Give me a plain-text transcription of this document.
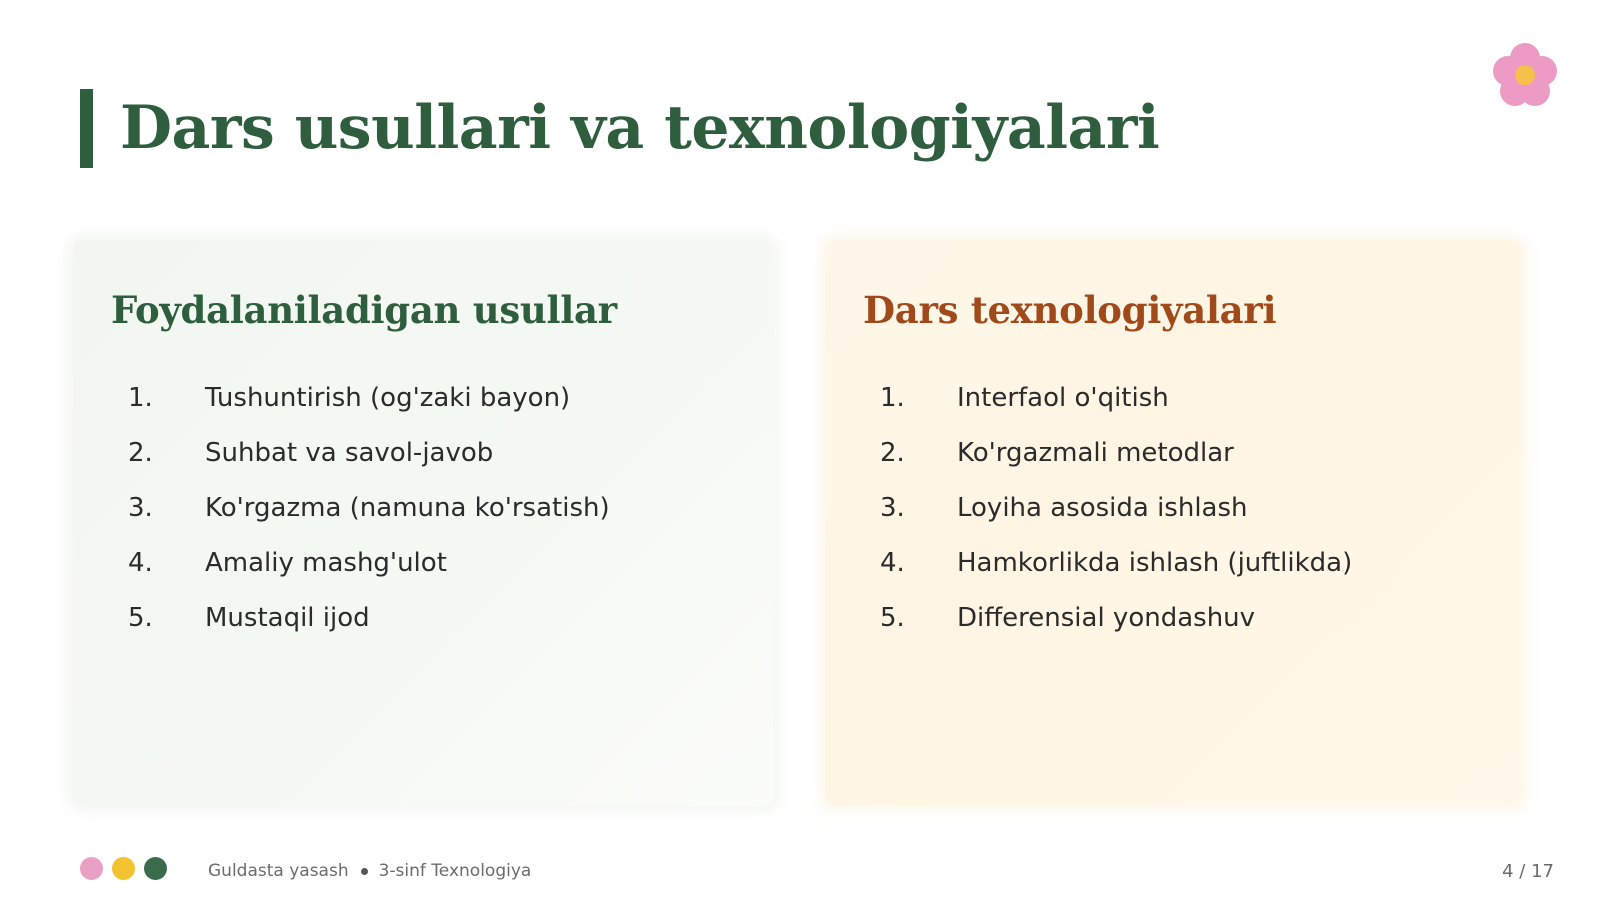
Dars usullari va texnologiyalari
Foydalaniladigan usullar
1.	Tushuntirish (og'zaki bayon)
2.	Suhbat va savol-javob
3.	Ko'rgazma (namuna ko'rsatish)
4.	Amaliy mashg'ulot
5.	Mustaqil ijod
Dars texnologiyalari
1.	Interfaol o'qitish
2.	Ko'rgazmali metodlar
3.	Loyiha asosida ishlash
4.	Hamkorlikda ishlash (juftlikda)
5.	Differensial yondashuv
Guldasta yasash 3-sinf Texnologiya	4 / 17
